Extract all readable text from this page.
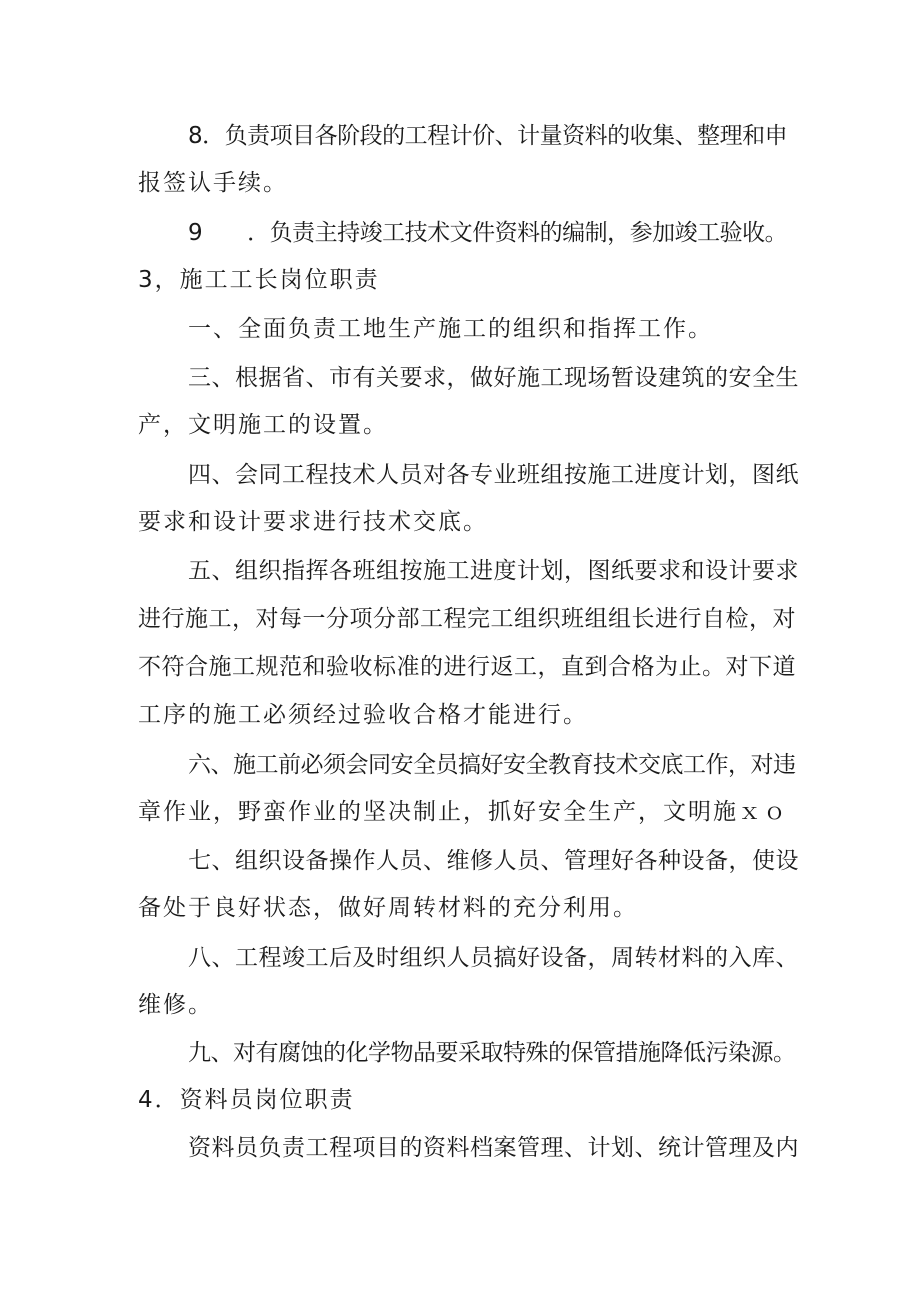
8．负责项目各阶段的工程计价、计量资料的收集、整理和申
报签认手续。
9　　．负责主持竣工技术文件资料的编制，参加竣工验收。
3，施工工长岗位职责
一、全面负责工地生产施工的组织和指挥工作。
三、根据省、市有关要求，做好施工现场暂设建筑的安全生
产，文明施工的设置。
四、会同工程技术人员对各专业班组按施工进度计划，图纸
要求和设计要求进行技术交底。
五、组织指挥各班组按施工进度计划，图纸要求和设计要求
进行施工，对每一分项分部工程完工组织班组组长进行自检，对
不符合施工规范和验收标准的进行返工，直到合格为止。对下道
工序的施工必须经过验收合格才能进行。
六、施工前必须会同安全员搞好安全教育技术交底工作，对违
章作业，野蛮作业的坚决制止，抓好安全生产，文明施ｘｏ
七、组织设备操作人员、维修人员、管理好各种设备，使设
备处于良好状态，做好周转材料的充分利用。
八、工程竣工后及时组织人员搞好设备，周转材料的入库、
维修。
九、对有腐蚀的化学物品要采取特殊的保管措施降低污染源。
4．资料员岗位职责
资料员负责工程项目的资料档案管理、计划、统计管理及内
